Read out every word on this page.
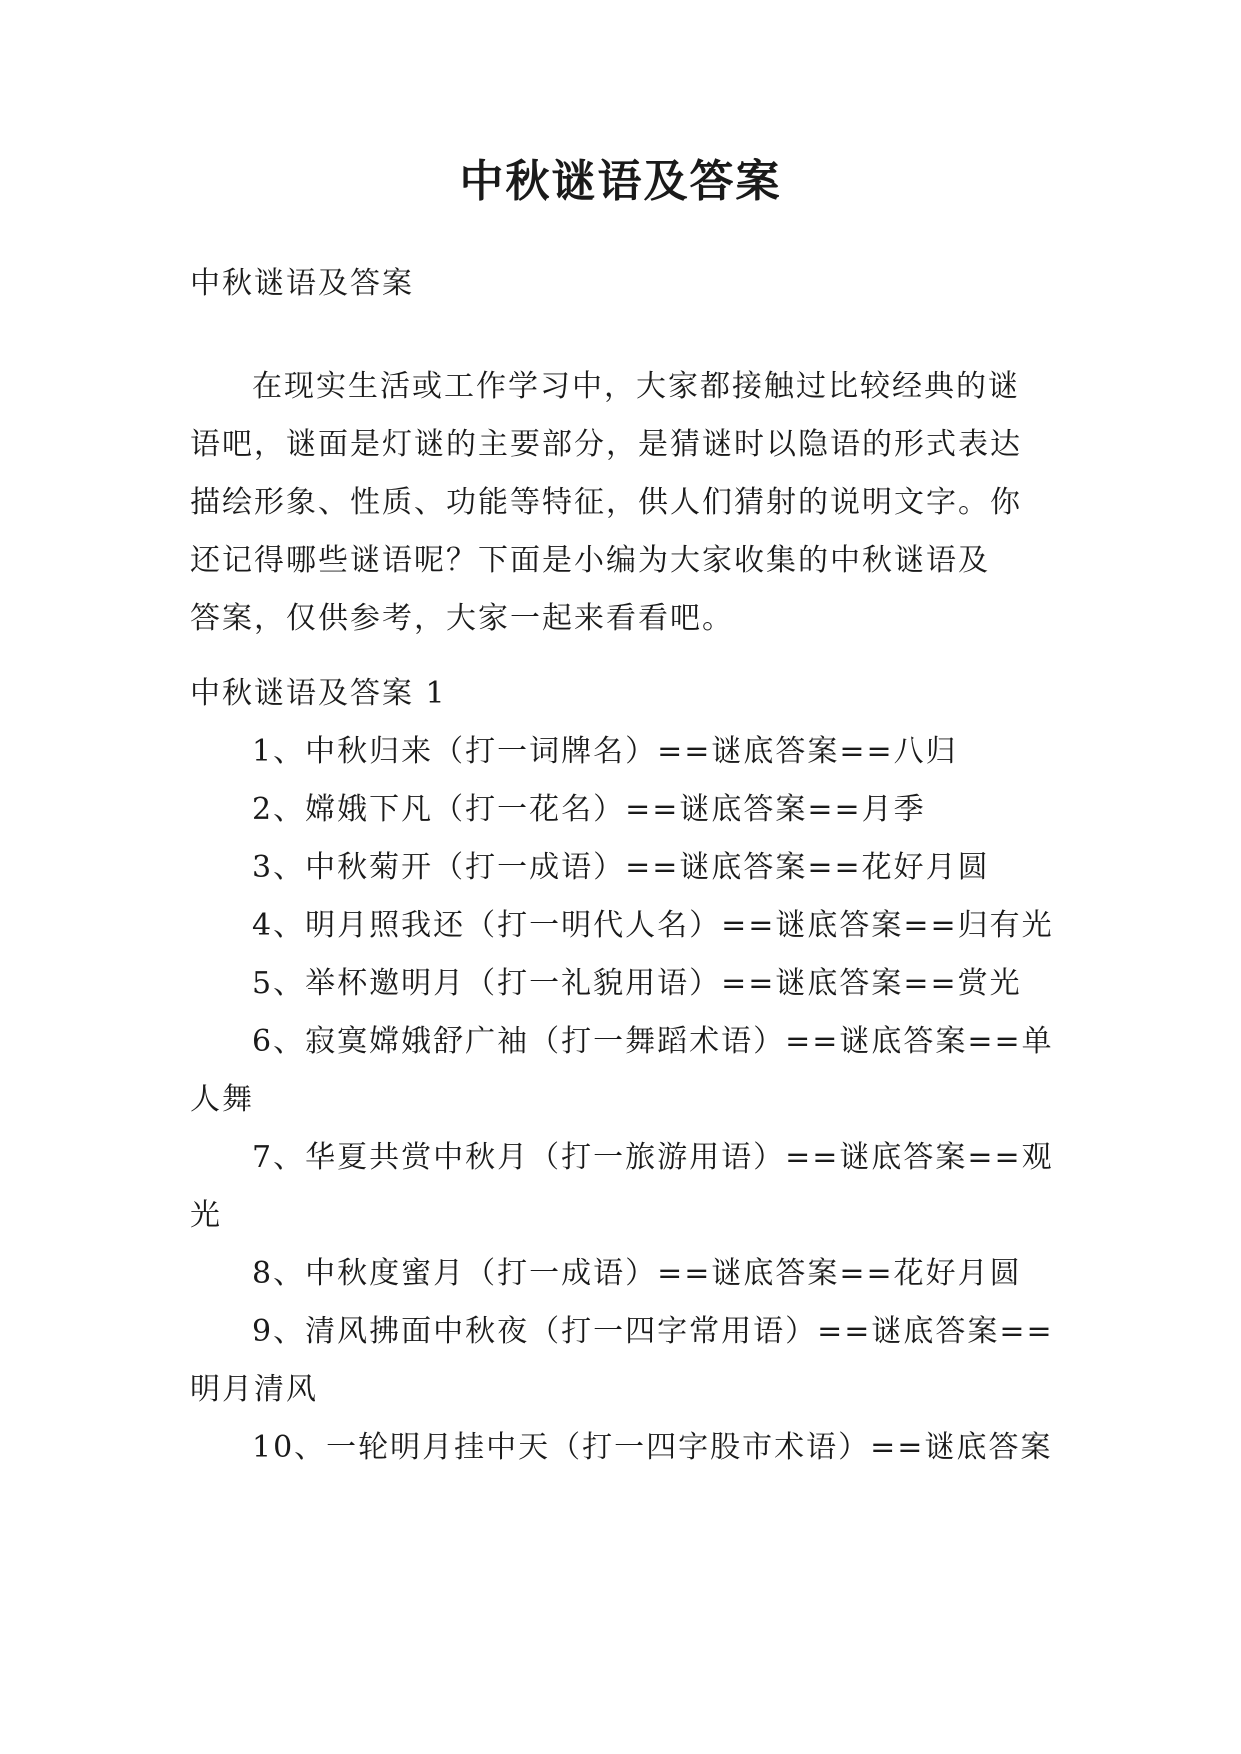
中秋谜语及答案

中秋谜语及答案

在现实生活或工作学习中，大家都接触过比较经典的谜

语吧，谜面是灯谜的主要部分，是猜谜时以隐语的形式表达

描绘形象、性质、功能等特征，供人们猜射的说明文字。你

还记得哪些谜语呢？下面是小编为大家收集的中秋谜语及

答案，仅供参考，大家一起来看看吧。

中秋谜语及答案 1

1、中秋归来（打一词牌名）==谜底答案==八归

2、嫦娥下凡（打一花名）==谜底答案==月季

3、中秋菊开（打一成语）==谜底答案==花好月圆

4、明月照我还（打一明代人名）==谜底答案==归有光

5、举杯邀明月（打一礼貌用语）==谜底答案==赏光

6、寂寞嫦娥舒广袖（打一舞蹈术语）==谜底答案==单

人舞

7、华夏共赏中秋月（打一旅游用语）==谜底答案==观

光

8、中秋度蜜月（打一成语）==谜底答案==花好月圆

9、清风拂面中秋夜（打一四字常用语）==谜底答案==

明月清风

10、一轮明月挂中天（打一四字股市术语）==谜底答案
